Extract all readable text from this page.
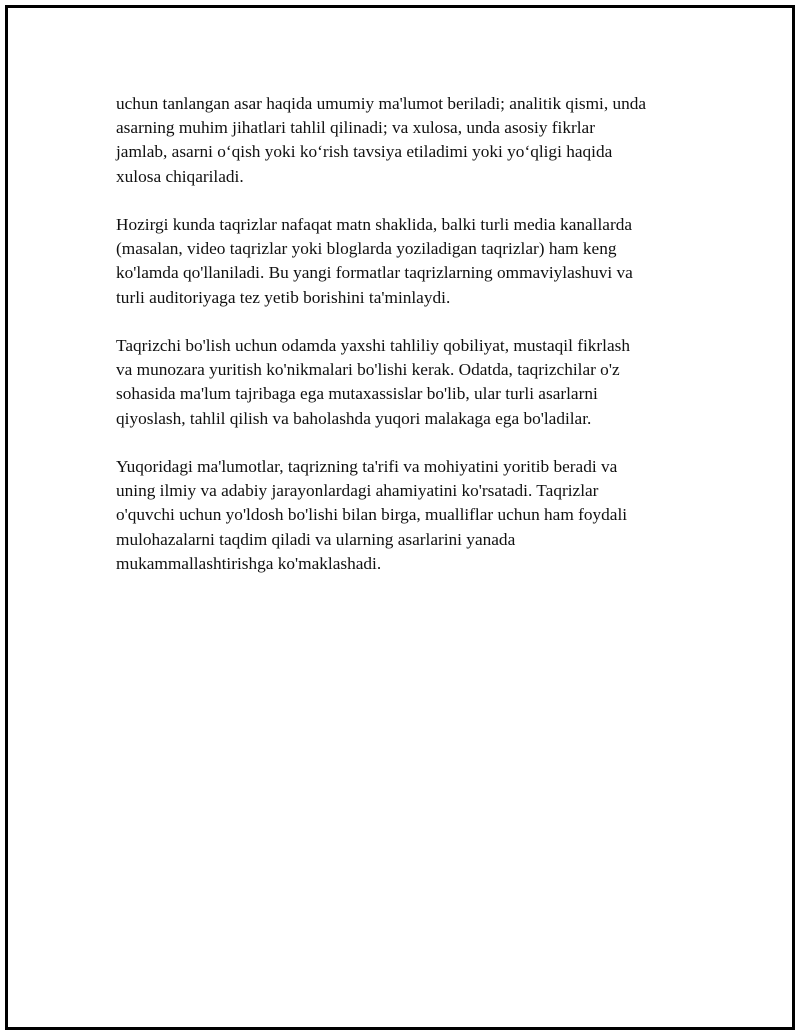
uchun tanlangan asar haqida umumiy ma'lumot beriladi; analitik qismi, unda
asarning muhim jihatlari tahlil qilinadi; va xulosa, unda asosiy fikrlar
jamlab, asarni o‘qish yoki ko‘rish tavsiya etiladimi yoki yo‘qligi haqida
xulosa chiqariladi.

Hozirgi kunda taqrizlar nafaqat matn shaklida, balki turli media kanallarda
(masalan, video taqrizlar yoki bloglarda yoziladigan taqrizlar) ham keng
ko'lamda qo'llaniladi. Bu yangi formatlar taqrizlarning ommaviylashuvi va
turli auditoriyaga tez yetib borishini ta'minlaydi.

Taqrizchi bo'lish uchun odamda yaxshi tahliliy qobiliyat, mustaqil fikrlash
va munozara yuritish ko'nikmalari bo'lishi kerak. Odatda, taqrizchilar o'z
sohasida ma'lum tajribaga ega mutaxassislar bo'lib, ular turli asarlarni
qiyoslash, tahlil qilish va baholashda yuqori malakaga ega bo'ladilar.

Yuqoridagi ma'lumotlar, taqrizning ta'rifi va mohiyatini yoritib beradi va
uning ilmiy va adabiy jarayonlardagi ahamiyatini ko'rsatadi. Taqrizlar
o'quvchi uchun yo'ldosh bo'lishi bilan birga, mualliflar uchun ham foydali
mulohazalarni taqdim qiladi va ularning asarlarini yanada
mukammallashtirishga ko'maklashadi.
